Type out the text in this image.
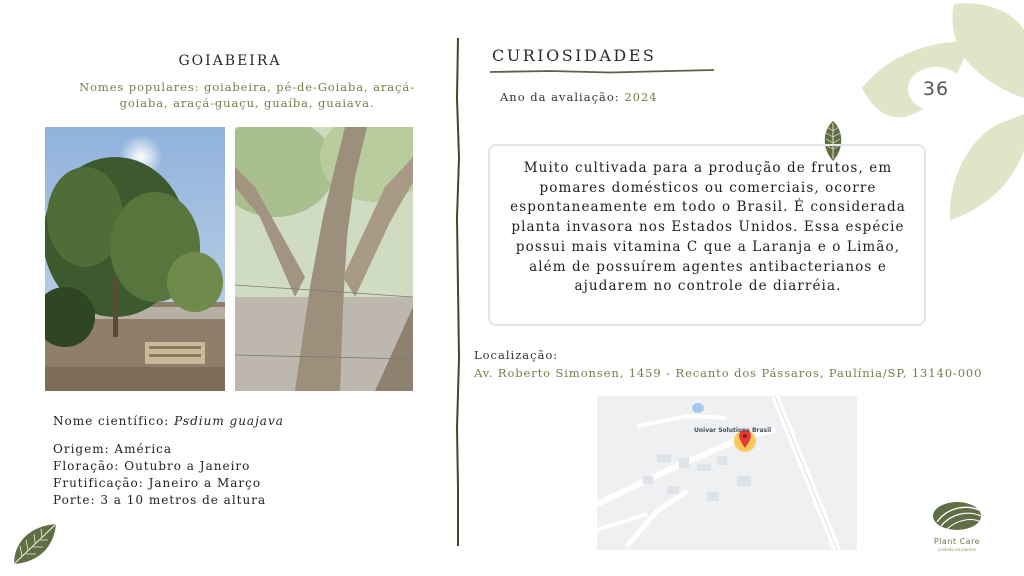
GOIABEIRA
Nomes populares: goiabeira, pé-de-Goiaba, araçá-goiaba, araçá-guaçu, guaíba, guaiava.
Nome científico: Psdium guajava
Origem: América
Floração: Outubro a Janeiro
Frutificação: Janeiro a Março
Porte: 3 a 10 metros de altura
CURIOSIDADES
Ano da avaliação: 2024
Muito cultivada para a produção de frutos, em pomares domésticos ou comerciais, ocorre espontaneamente em todo o Brasil. É considerada planta invasora nos Estados Unidos. Essa espécie possui mais vitamina C que a Laranja e o Limão, além de possuírem agentes antibacterianos e ajudarem no controle de diarréia.
Localização:
Av. Roberto Simonsen, 1459 - Recanto dos Pássaros, Paulínia/SP, 13140-000
Univar Solutions Brasil
36
Plant Care
cuidado da plantas
